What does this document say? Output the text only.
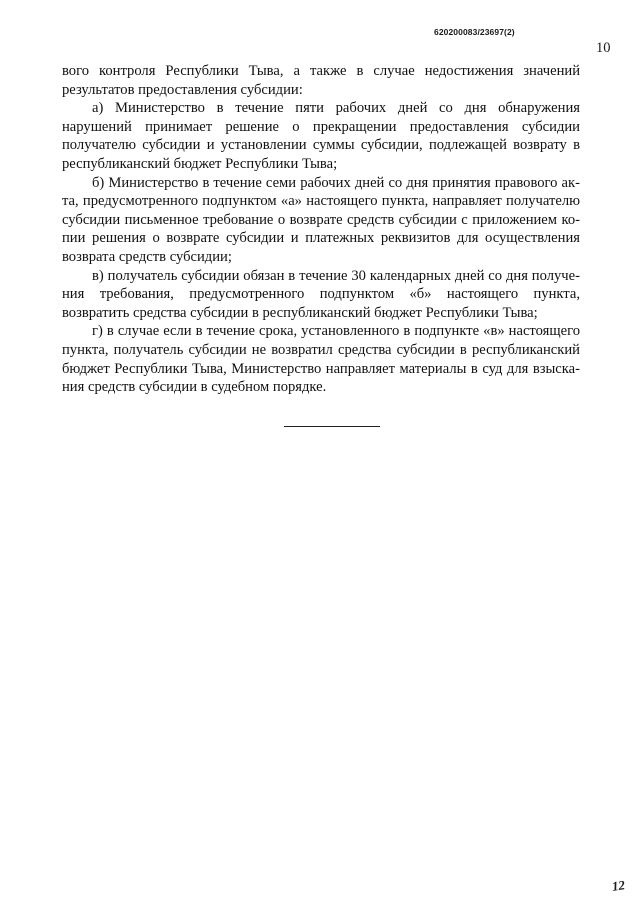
620200083/23697(2)
10

вого контроля Республики Тыва, а также в случае недостижения значений результатов предоставления субсидии:

а) Министерство в течение пяти рабочих дней со дня обнаружения нарушений принимает решение о прекращении предоставления субсидии получателю субсидии и установлении суммы субсидии, подлежащей возврату в республиканский бюджет Республики Тыва;

б) Министерство в течение семи рабочих дней со дня принятия правового акта, предусмотренного подпунктом «а» настоящего пункта, направляет получателю субсидии письменное требование о возврате средств субсидии с приложением копии решения о возврате субсидии и платежных реквизитов для осуществления возврата средств субсидии;

в) получатель субсидии обязан в течение 30 календарных дней со дня получения требования, предусмотренного подпунктом «б» настоящего пункта, возвратить средства субсидии в республиканский бюджет Республики Тыва;

г) в случае если в течение срока, установленного в подпункте «в» настоящего пункта, получатель субсидии не возвратил средства субсидии в республиканский бюджет Республики Тыва, Министерство направляет материалы в суд для взыскания средств субсидии в судебном порядке.

12
